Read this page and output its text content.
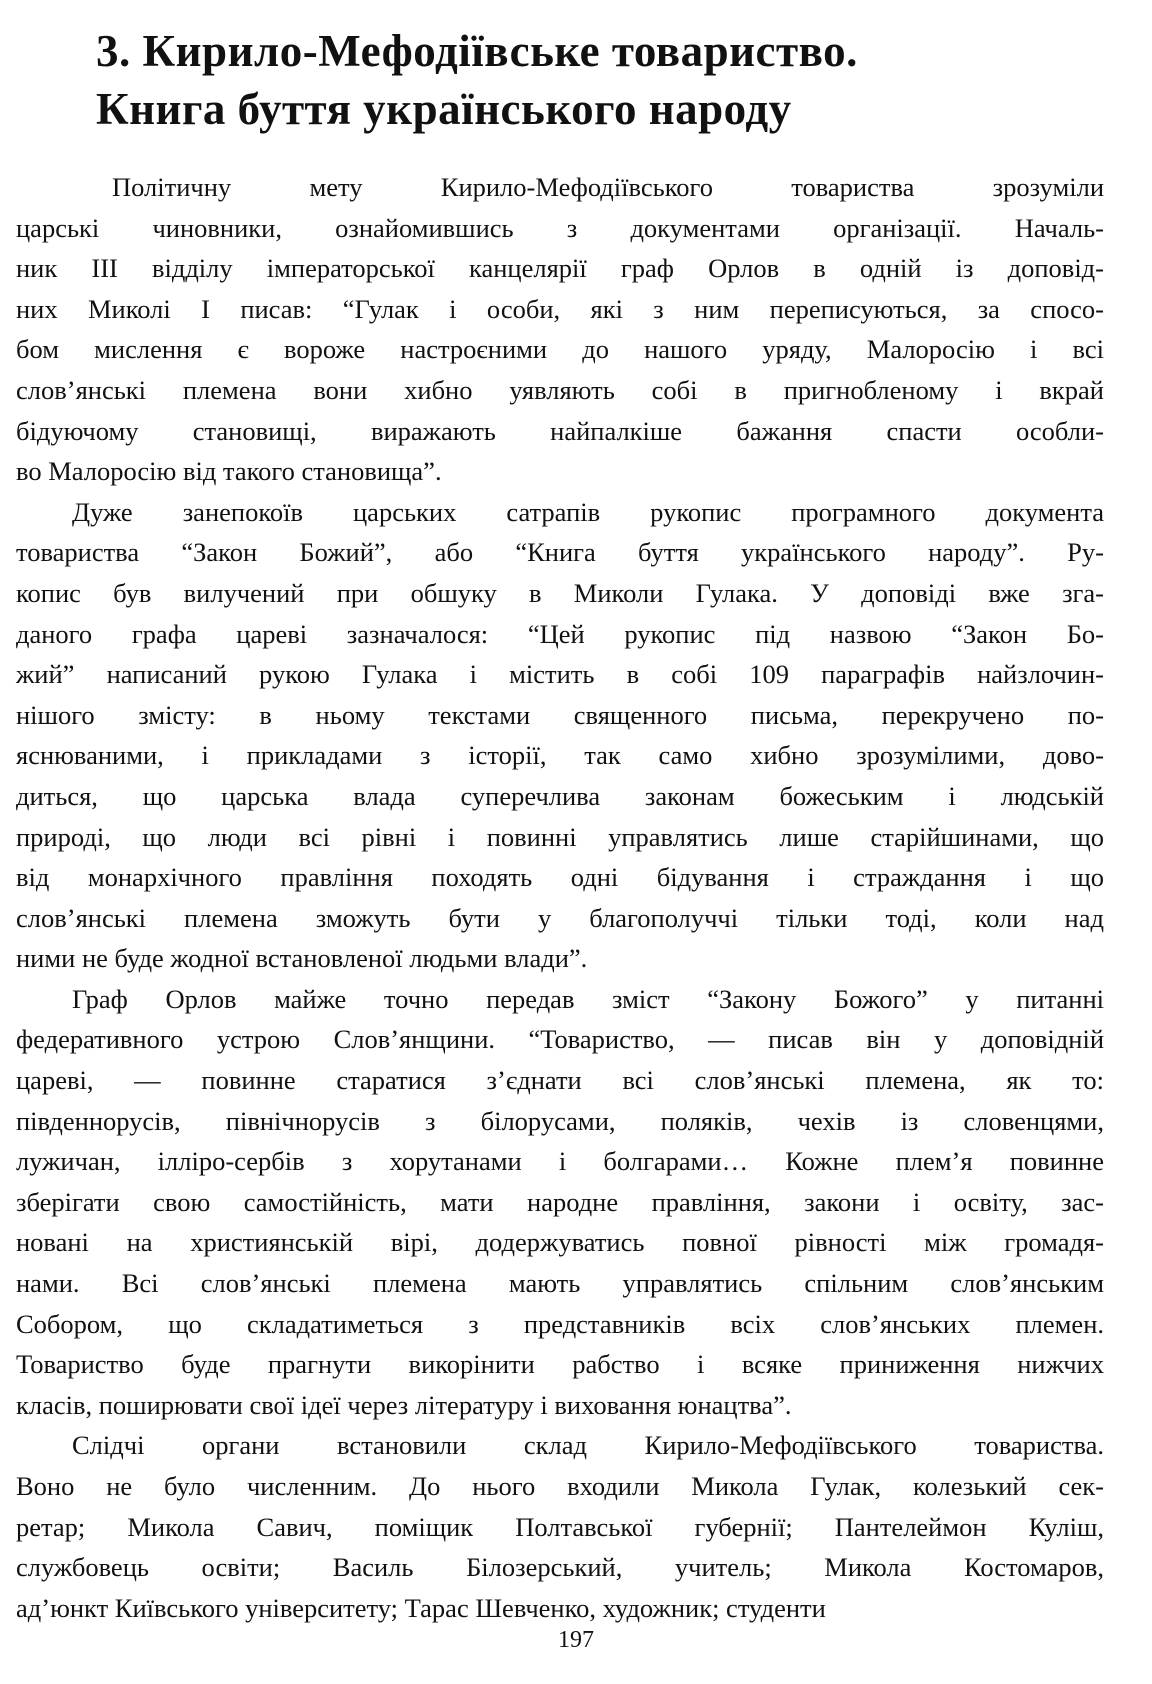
3. Кирило-Мефодіївське товариство.
Книга буття українського народу

Політичну мету Кирило-Мефодіївського товариства зрозуміли
царські чиновники, ознайомившись з документами організації. Началь-
ник III відділу імператорської канцелярії граф Орлов в одній із доповід-
них Миколі I писав: “Гулак і особи, які з ним переписуються, за спосо-
бом мислення є вороже настроєними до нашого уряду, Малоросію і всі
слов’янські племена вони хибно уявляють собі в пригнобленому і вкрай
бідуючому становищі, виражають найпалкіше бажання спасти особли-
во Малоросію від такого становища”.

Дуже занепокоїв царських сатрапів рукопис програмного документа
товариства “Закон Божий”, або “Книга буття українського народу”. Ру-
копис був вилучений при обшуку в Миколи Гулака. У доповіді вже зга-
даного графа цареві зазначалося: “Цей рукопис під назвою “Закон Бо-
жий” написаний рукою Гулака і містить в собі 109 параграфів найзлочин-
нішого змісту: в ньому текстами священного письма, перекручено по-
яснюваними, і прикладами з історії, так само хибно зрозумілими, дово-
диться, що царська влада суперечлива законам божеським і людській
природі, що люди всі рівні і повинні управлятись лише старійшинами, що
від монархічного правління походять одні бідування і страждання і що
слов’янські племена зможуть бути у благополуччі тільки тоді, коли над
ними не буде жодної встановленої людьми влади”.

Граф Орлов майже точно передав зміст “Закону Божого” у питанні
федеративного устрою Слов’янщини. “Товариство, — писав він у доповідній
цареві, — повинне старатися з’єднати всі слов’янські племена, як то:
південнорусів, північнорусів з білорусами, поляків, чехів із словенцями,
лужичан, ілліро-сербів з хорутанами і болгарами… Кожне плем’я повинне
зберігати свою самостійність, мати народне правління, закони і освіту, зас-
новані на християнській вірі, додержуватись повної рівності між громадя-
нами. Всі слов’янські племена мають управлятись спільним слов’янським
Собором, що складатиметься з представників всіх слов’янських племен.
Товариство буде прагнути викорінити рабство і всяке приниження нижчих
класів, поширювати свої ідеї через літературу і виховання юнацтва”.

Слідчі органи встановили склад Кирило-Мефодіївського товариства.
Воно не було численним. До нього входили Микола Гулак, колезький сек-
ретар; Микола Савич, поміщик Полтавської губернії; Пантелеймон Куліш,
службовець освіти; Василь Білозерський, учитель; Микола Костомаров,
ад’юнкт Київського університету; Тарас Шевченко, художник; студенти

197
